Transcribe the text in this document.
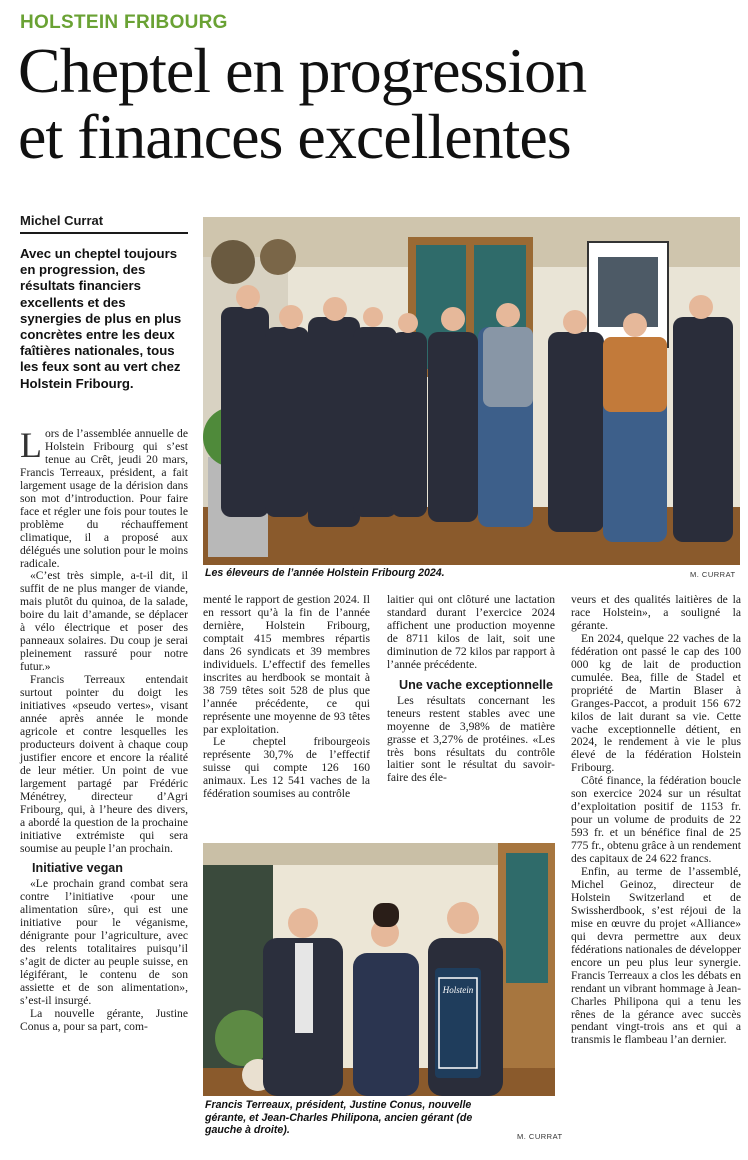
HOLSTEIN FRIBOURG
Cheptel en progression
et finances excellentes
Michel Currat
Avec un cheptel toujours en progression, des résultats financiers excellents et des synergies de plus en plus concrètes entre les deux faîtières nationales, tous les feux sont au vert chez Holstein Fribourg.
Les éleveurs de l’année Holstein Fribourg 2024.	M. CURRAT

Lors de l’assemblée annuelle de Holstein Fribourg qui s’est tenue au Crêt, jeudi 20 mars, Francis Terreaux, président, a fait largement usage de la dérision dans son mot d’introduction. Pour faire face et régler une fois pour toutes le problème du réchauffement climatique, il a proposé aux délégués une solution pour le moins radicale.

«C’est très simple, a-t-il dit, il suffit de ne plus manger de viande, mais plutôt du quinoa, de la salade, boire du lait d’amande, se déplacer à vélo électrique et poser des panneaux solaires. Du coup je serai pleinement rassuré pour notre futur.»

Francis Terreaux entendait surtout pointer du doigt les initiatives «pseudo vertes», visant année après année le monde agricole et contre lesquelles les producteurs doivent à chaque coup justifier encore et encore la réalité de leur métier. Un point de vue largement partagé par Frédéric Ménétrey, directeur d’Agri Fribourg, qui, à l’heure des divers, a abordé la question de la prochaine initiative extrémiste qui sera soumise au peuple l’an prochain.

Initiative vegan

«Le prochain grand combat sera contre l’initiative ‹pour une alimentation sûre›, qui est une initiative pour le véganisme, dénigrante pour l’agriculture, avec des relents totalitaires puisqu’il s’agit de dicter au peuple suisse, en légiférant, le contenu de son assiette et de son alimentation», s’est-il insurgé.

La nouvelle gérante, Justine Conus a, pour sa part, com-

menté le rapport de gestion 2024. Il en ressort qu’à la fin de l’année dernière, Holstein Fribourg, comptait 415 membres répartis dans 26 syndicats et 39 membres individuels. L’effectif des femelles inscrites au herdbook se montait à 38 759 têtes soit 528 de plus que l’année précédente, ce qui représente une moyenne de 93 têtes par exploitation.

Le cheptel fribourgeois représente 30,7% de l’effectif suisse qui compte 126 160 animaux. Les 12 541 vaches de la fédération soumises au contrôle

laitier qui ont clôturé une lactation standard durant l’exercice 2024 affichent une production moyenne de 8711 kilos de lait, soit une diminution de 72 kilos par rapport à l’année précédente.

Une vache exceptionnelle

Les résultats concernant les teneurs restent stables avec une moyenne de 3,98% de matière grasse et 3,27% de protéines. «Les très bons résultats du contrôle laitier sont le résultat du savoir-faire des éle-

Holstein
Francis Terreaux, président, Justine Conus, nouvelle gérante, et Jean-Charles Philipona, ancien gérant (de gauche à droite).
M. CURRAT

veurs et des qualités laitières de la race Holstein», a souligné la gérante.

En 2024, quelque 22 vaches de la fédération ont passé le cap des 100 000 kg de lait de production cumulée. Bea, fille de Stadel et propriété de Martin Blaser à Granges-Paccot, a produit 156 672 kilos de lait durant sa vie. Cette vache exceptionnelle détient, en 2024, le rendement à vie le plus élevé de la fédération Holstein Fribourg.

Côté finance, la fédération boucle son exercice 2024 sur un résultat d’exploitation positif de 1153 fr. pour un volume de produits de 22 593 fr. et un bénéfice final de 25 775 fr., obtenu grâce à un rendement des capitaux de 24 622 francs.

Enfin, au terme de l’assemblé, Michel Geinoz, directeur de Holstein Switzerland et de Swissherdbook, s’est réjoui de la mise en œuvre du projet «Alliance» qui devra permettre aux deux fédérations nationales de développer encore un peu plus leur synergie. Francis Terreaux a clos les débats en rendant un vibrant hommage à Jean-Charles Philipona qui a tenu les rênes de la gérance avec succès pendant vingt-trois ans et qui a transmis le flambeau l’an dernier.
